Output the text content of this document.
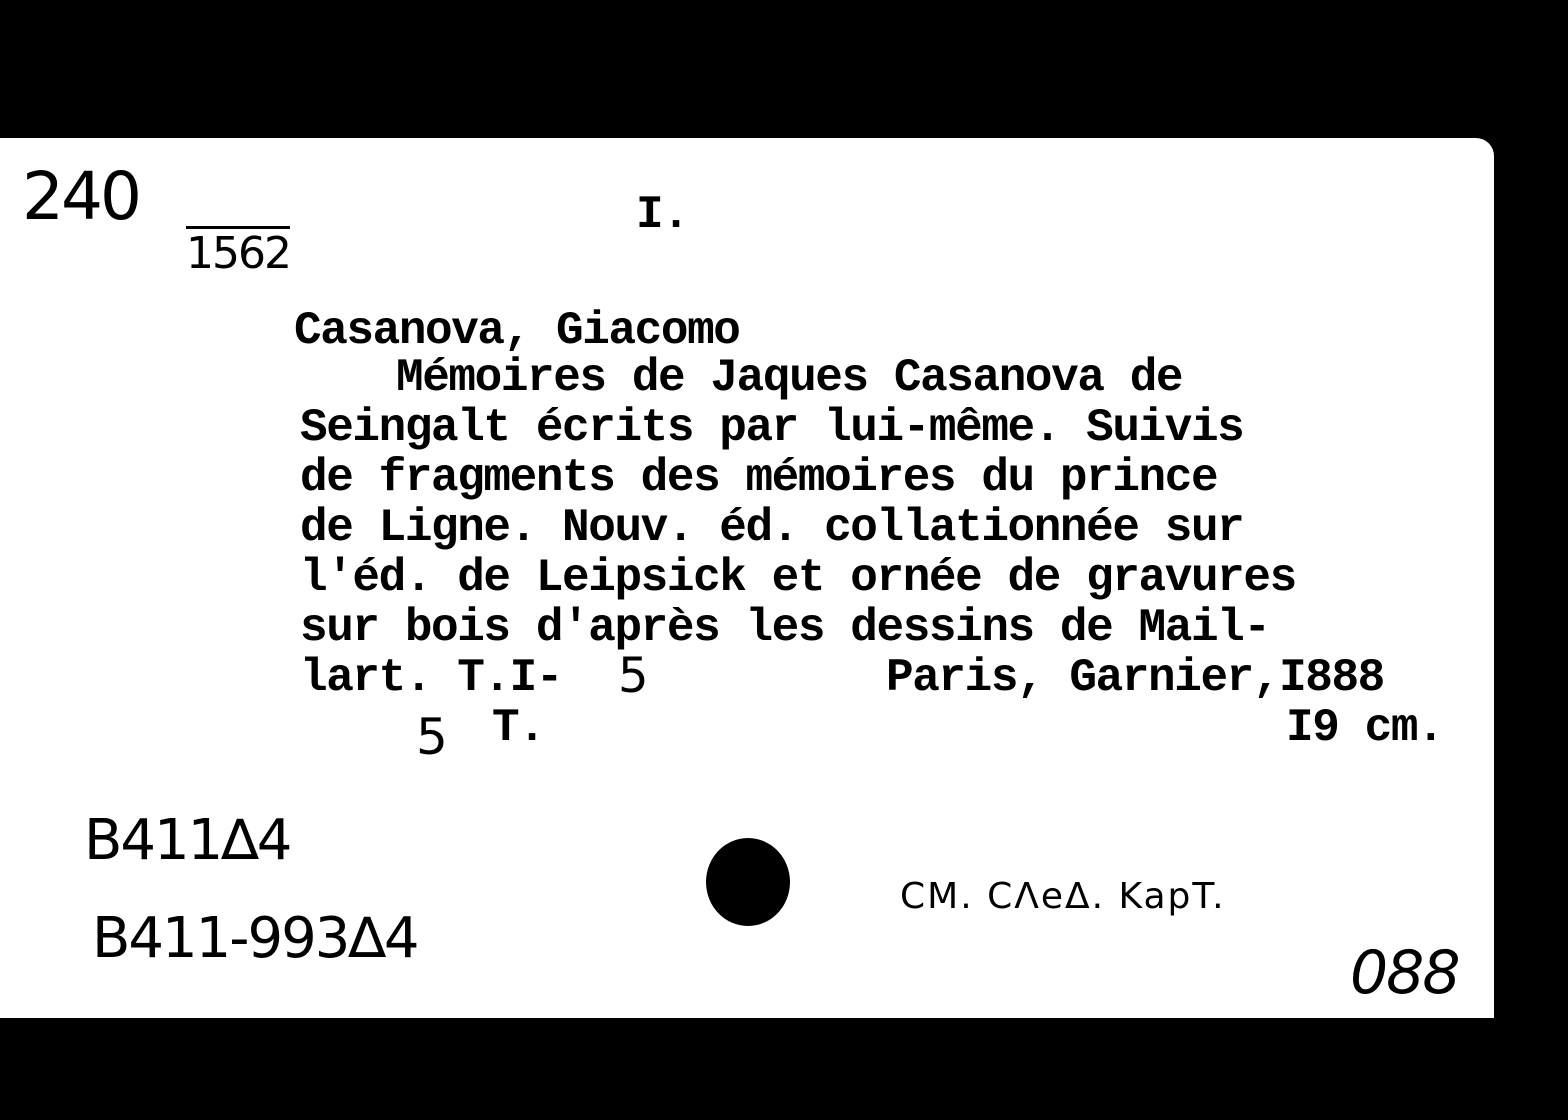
240
1562
I.
Casanova, Giacomo
Mémoires de Jaques Casanova de
Seingalt écrits par lui-même. Suivis
de fragments des mémoires du prince
de Ligne. Nouv. éd. collationnée sur
l'éd. de Leipsick et ornée de gravures
sur bois d'après les dessins de Mail-
lart. T.I- 5	Paris, Garnier,I888
5 T.	I9 cm.
B411∆4
B411-993∆4
CM. CΛeΔ. KapT.
088
